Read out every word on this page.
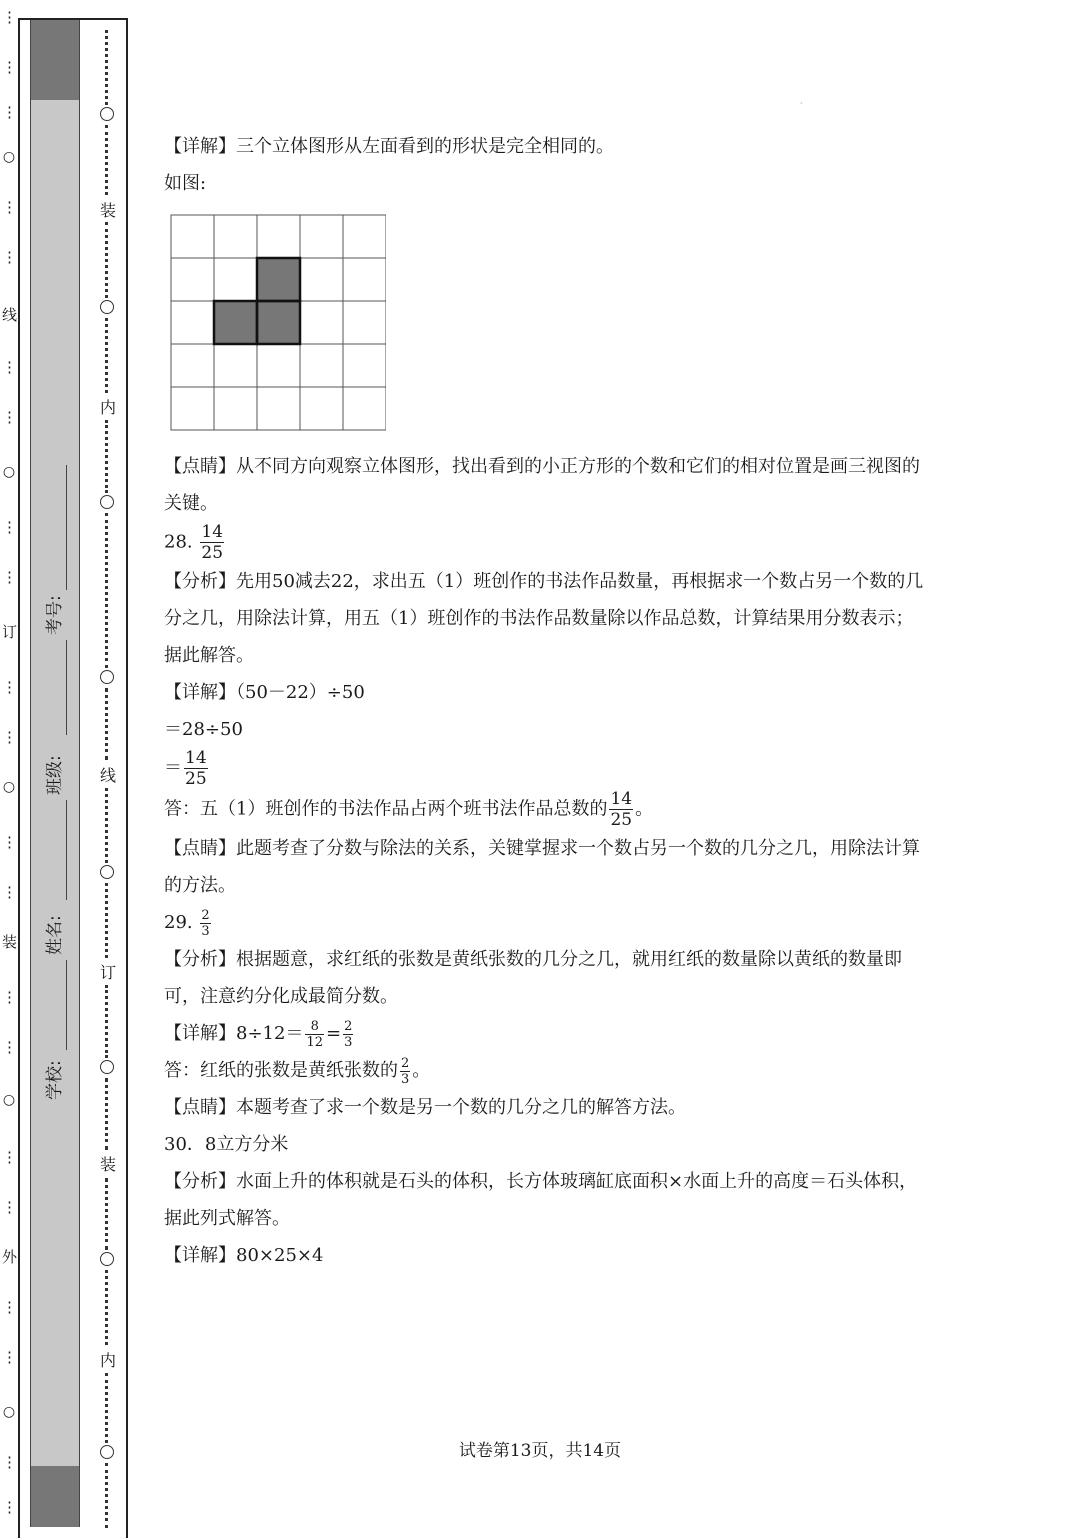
⋮
⋮
⋮
○
⋮
⋮
线
⋮
⋮
○
⋮
⋮
订
⋮
⋮
○
⋮
⋮
装
⋮
⋮
○
⋮
⋮
外
⋮
⋮
○
⋮
⋮
考号:
班级:
姓名:
学校:
装
内
线
订
装
内
ˌ

【详解】三个立体图形从左面看到的形状是完全相同的。

如图:

【点睛】从不同方向观察立体图形，找出看到的小正方形的个数和它们的相对位置是画三视图的关键。

28. $\frac{14}{25}$

【分析】先用50减去22，求出五（1）班创作的书法作品数量，再根据求一个数占另一个数的几分之几，用除法计算，用五（1）班创作的书法作品数量除以作品总数，计算结果用分数表示；据此解答。

【详解】（50－22）÷50

＝28÷50

＝ $\frac{14}{25}$

答：五（1）班创作的书法作品占两个班书法作品总数的 $\frac{14}{25}$ 。

【点睛】此题考查了分数与除法的关系，关键掌握求一个数占另一个数的几分之几，用除法计算的方法。

29. $\frac{2}{3}$

【分析】根据题意，求红纸的张数是黄纸张数的几分之几，就用红纸的数量除以黄纸的数量即可，注意约分化成最简分数。

【详解】$8\div 12= \frac{8}{12} = \frac{2}{3}$

答：红纸的张数是黄纸张数的 $\frac{2}{3}$ 。

【点睛】本题考查了求一个数是另一个数的几分之几的解答方法。

30．8立方分米

【分析】水面上升的体积就是石头的体积，长方体玻璃缸底面积×水面上升的高度＝石头体积，据此列式解答。

【详解】80×25×4

试卷第13页，共14页
